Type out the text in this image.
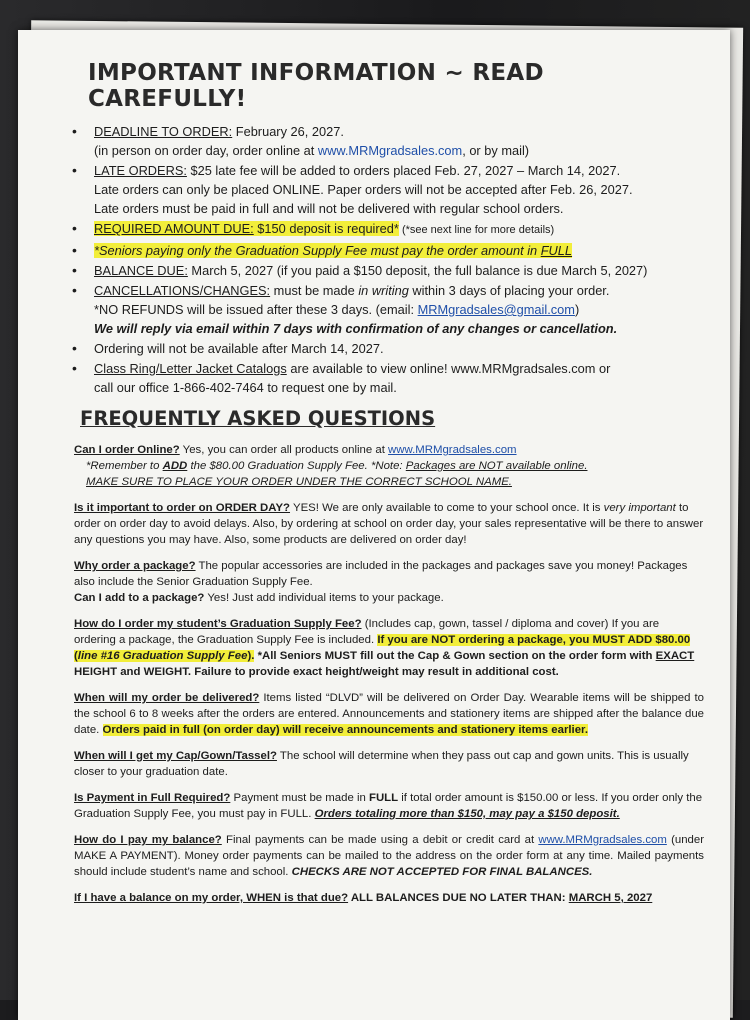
IMPORTANT INFORMATION ~ READ CAREFULLY!
• DEADLINE TO ORDER: February 26, 2027.
(in person on order day, order online at www.MRMgradsales.com, or by mail)
• LATE ORDERS: $25 late fee will be added to orders placed Feb. 27, 2027 – March 14, 2027.
Late orders can only be placed ONLINE. Paper orders will not be accepted after Feb. 26, 2027.
Late orders must be paid in full and will not be delivered with regular school orders.
• REQUIRED AMOUNT DUE: $150 deposit is required* (*see next line for more details)
• *Seniors paying only the Graduation Supply Fee must pay the order amount in FULL
• BALANCE DUE: March 5, 2027 (if you paid a $150 deposit, the full balance is due March 5, 2027)
• CANCELLATIONS/CHANGES: must be made in writing within 3 days of placing your order.
*NO REFUNDS will be issued after these 3 days. (email: MRMgradsales@gmail.com)
We will reply via email within 7 days with confirmation of any changes or cancellation.
• Ordering will not be available after March 14, 2027.
• Class Ring/Letter Jacket Catalogs are available to view online! www.MRMgradsales.com or
call our office 1-866-402-7464 to request one by mail.
FREQUENTLY ASKED QUESTIONS
Can I order Online? Yes, you can order all products online at www.MRMgradsales.com
*Remember to ADD the $80.00 Graduation Supply Fee. *Note: Packages are NOT available online.
MAKE SURE TO PLACE YOUR ORDER UNDER THE CORRECT SCHOOL NAME.
Is it important to order on ORDER DAY? YES! We are only available to come to your school once. It is very important to order on order day to avoid delays. Also, by ordering at school on order day, your sales representative will be there to answer any questions you may have. Also, some products are delivered on order day!
Why order a package? The popular accessories are included in the packages and packages save you money! Packages also include the Senior Graduation Supply Fee.
Can I add to a package? Yes! Just add individual items to your package.
How do I order my student’s Graduation Supply Fee? (Includes cap, gown, tassel / diploma and cover) If you are ordering a package, the Graduation Supply Fee is included. If you are NOT ordering a package, you MUST ADD $80.00 (line #16 Graduation Supply Fee). *All Seniors MUST fill out the Cap & Gown section on the order form with EXACT HEIGHT and WEIGHT. Failure to provide exact height/weight may result in additional cost.
When will my order be delivered? Items listed “DLVD” will be delivered on Order Day. Wearable items will be shipped to the school 6 to 8 weeks after the orders are entered. Announcements and stationery items are shipped after the balance due date. Orders paid in full (on order day) will receive announcements and stationery items earlier.
When will I get my Cap/Gown/Tassel? The school will determine when they pass out cap and gown units. This is usually closer to your graduation date.
Is Payment in Full Required? Payment must be made in FULL if total order amount is $150.00 or less. If you order only the Graduation Supply Fee, you must pay in FULL. Orders totaling more than $150, may pay a $150 deposit.
How do I pay my balance? Final payments can be made using a debit or credit card at www.MRMgradsales.com (under MAKE A PAYMENT). Money order payments can be mailed to the address on the order form at any time. Mailed payments should include student’s name and school. CHECKS ARE NOT ACCEPTED FOR FINAL BALANCES.
If I have a balance on my order, WHEN is that due? ALL BALANCES DUE NO LATER THAN: MARCH 5, 2027
